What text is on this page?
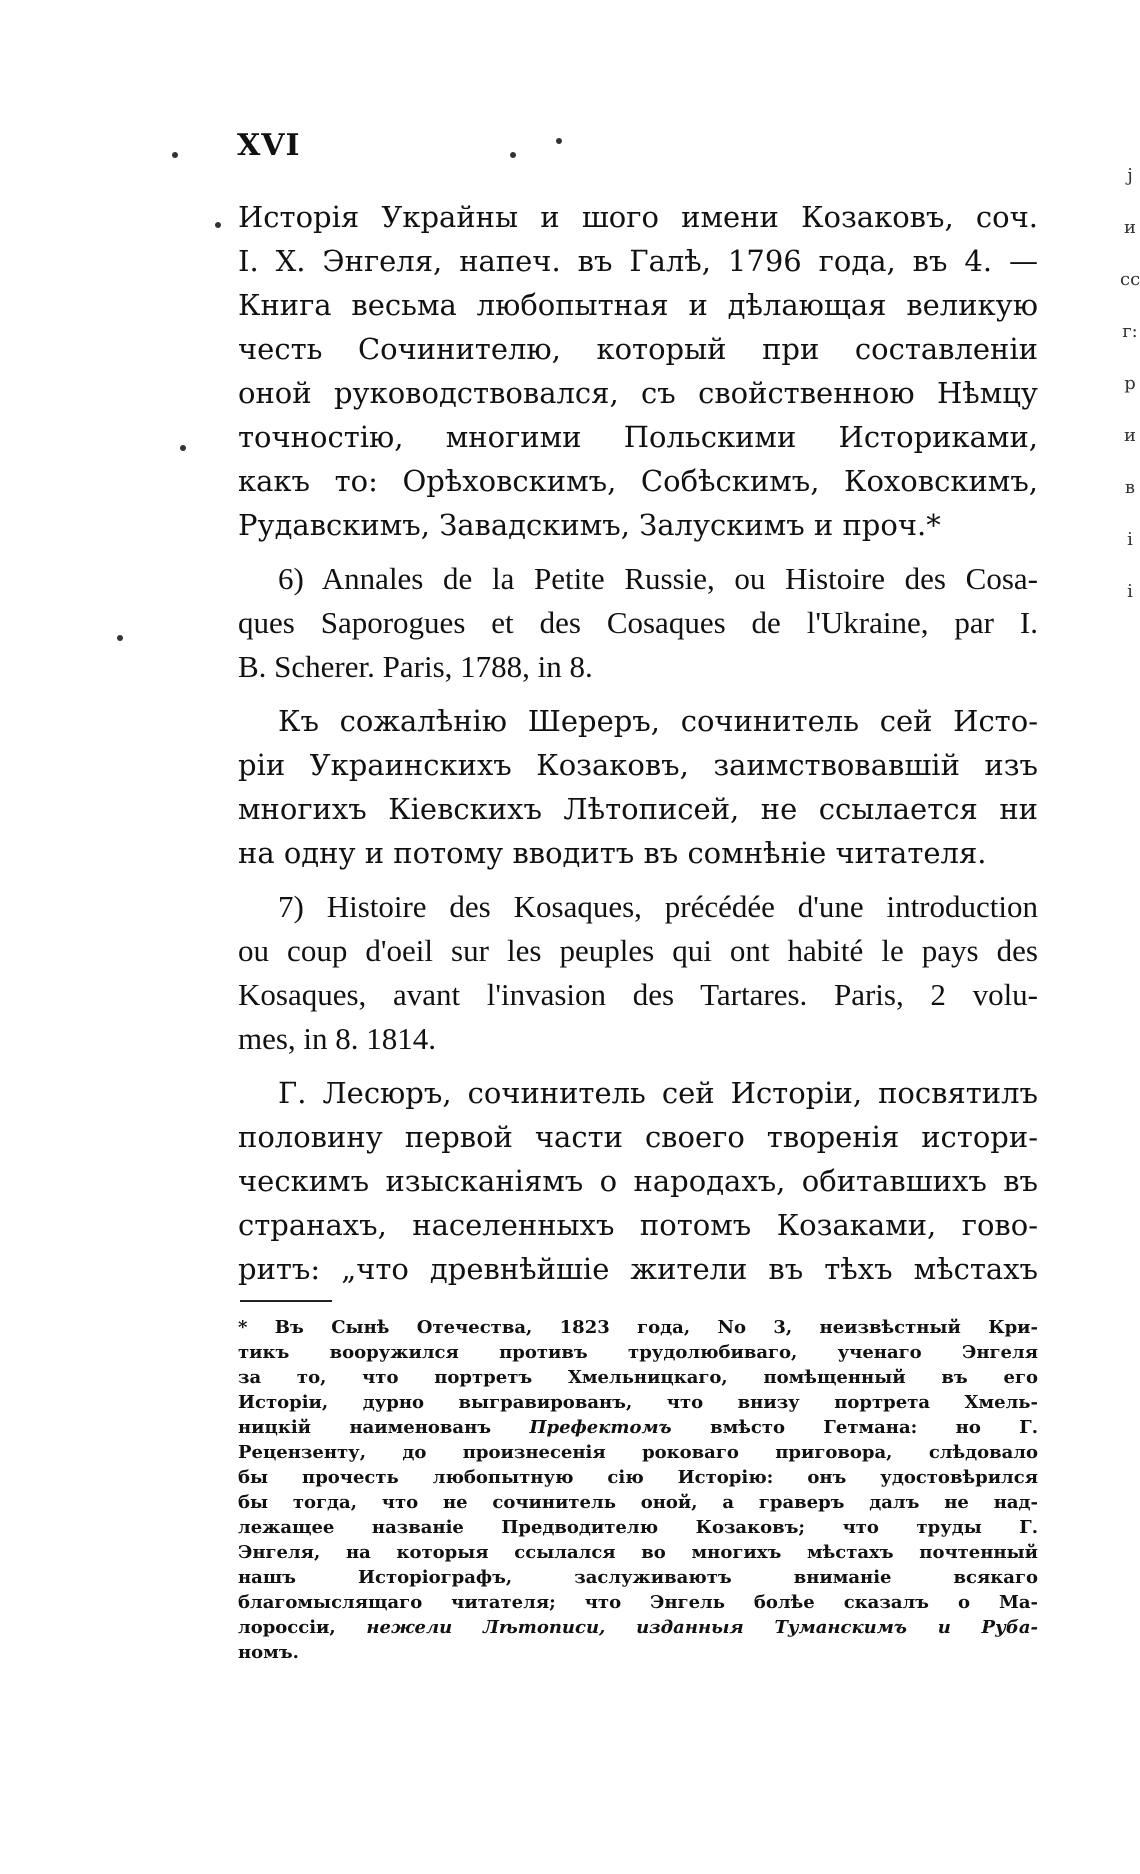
XVI
Исторія Украйны и шого имени Козаковъ, соч.
І. Х. Энгеля, напеч. въ Галѣ, 1796 года, въ 4. —
Книга весьма любопытная и дѣлающая великую
честь Сочинителю, который при составленіи
оной руководствовался, съ свойственною Нѣмцу
точностію, многими Польскими Историками,
какъ то: Орѣховскимъ, Собѣскимъ, Коховскимъ,
Рудавскимъ, Завадскимъ, Залускимъ и проч.*
6) Annales de la Petite Russie, ou Histoire des Cosa-
ques Saporogues et des Cosaques de l'Ukraine, par I.
B. Scherer. Paris, 1788, in 8.
Къ сожалѣнію Шереръ, сочинитель сей Исто-
ріи Украинскихъ Козаковъ, заимствовавшій изъ
многихъ Кіевскихъ Лѣтописей, не ссылается ни
на одну и потому вводитъ въ сомнѣніе читателя.
7) Histoire des Kosaques, précédée d'une introduction
ou coup d'oeil sur les peuples qui ont habité le pays des
Kosaques, avant l'invasion des Tartares. Paris, 2 volu-
mes, in 8. 1814.
Г. Лесюръ, сочинитель сей Исторіи, посвятилъ
половину первой части своего творенія истори-
ческимъ изысканіямъ о народахъ, обитавшихъ въ
странахъ, населенныхъ потомъ Козаками, гово-
ритъ: „что древнѣйшіе жители въ тѣхъ мѣстахъ
* Въ Сынѣ Отечества, 1823 года, No 3, неизвѣстный Кри-
тикъ вооружился противъ трудолюбиваго, ученаго Энгеля
за то, что портретъ Хмельницкаго, помѣщенный въ его
Исторіи, дурно выгравированъ, что внизу портрета Хмель-
ницкій наименованъ Префектомъ вмѣсто Гетмана: но Г.
Рецензенту, до произнесенія роковаго приговора, слѣдовало
бы прочесть любопытную сію Исторію: онъ удостовѣрился
бы тогда, что не сочинитель оной, а граверъ далъ не над-
лежащее названіе Предводителю Козаковъ; что труды Г.
Энгеля, на которыя ссылался во многихъ мѣстахъ почтенный
нашъ Исторіографъ, заслуживаютъ вниманіе всякаго
благомыслящаго читателя; что Энгель болѣе сказалъ о Ма-
лороссіи, нежели Лѣтописи, изданныя Туманскимъ и Руба-
номъ.
j
и
cc
г:
p
и
в
і
і
